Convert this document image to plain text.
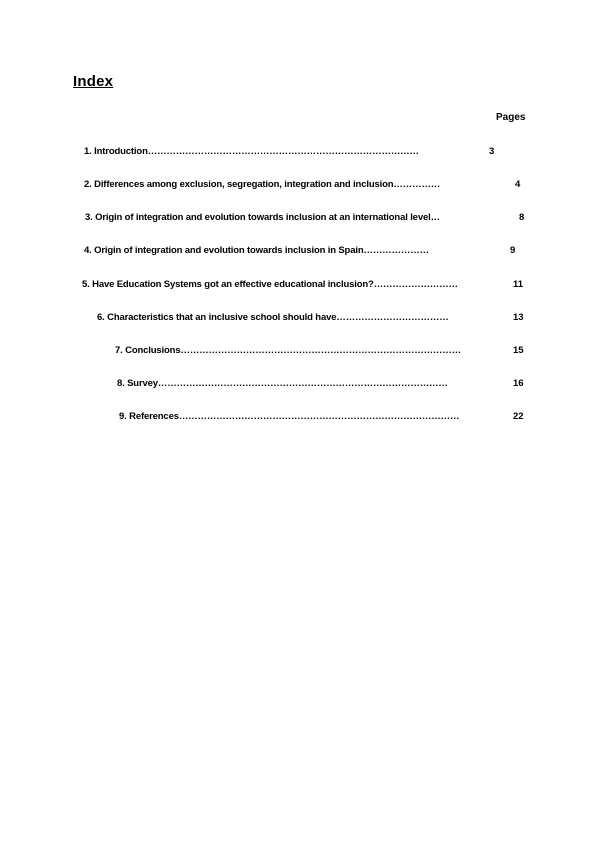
Index
Pages
1. Introduction……………………………………………………………………………	3
2. Differences among exclusion, segregation, integration and inclusion……………	4
3. Origin of integration and evolution towards inclusion at an international level…	8
4. Origin of integration and evolution towards inclusion in Spain…………………	9
5. Have Education Systems got an effective educational inclusion?………………………	11
6. Characteristics that an inclusive school should have………………………………	13
7. Conclusions………………………………………………………………………………	15
8. Survey…………………………………………………………………………………	16
9. References………………………………………………………………………………	22
